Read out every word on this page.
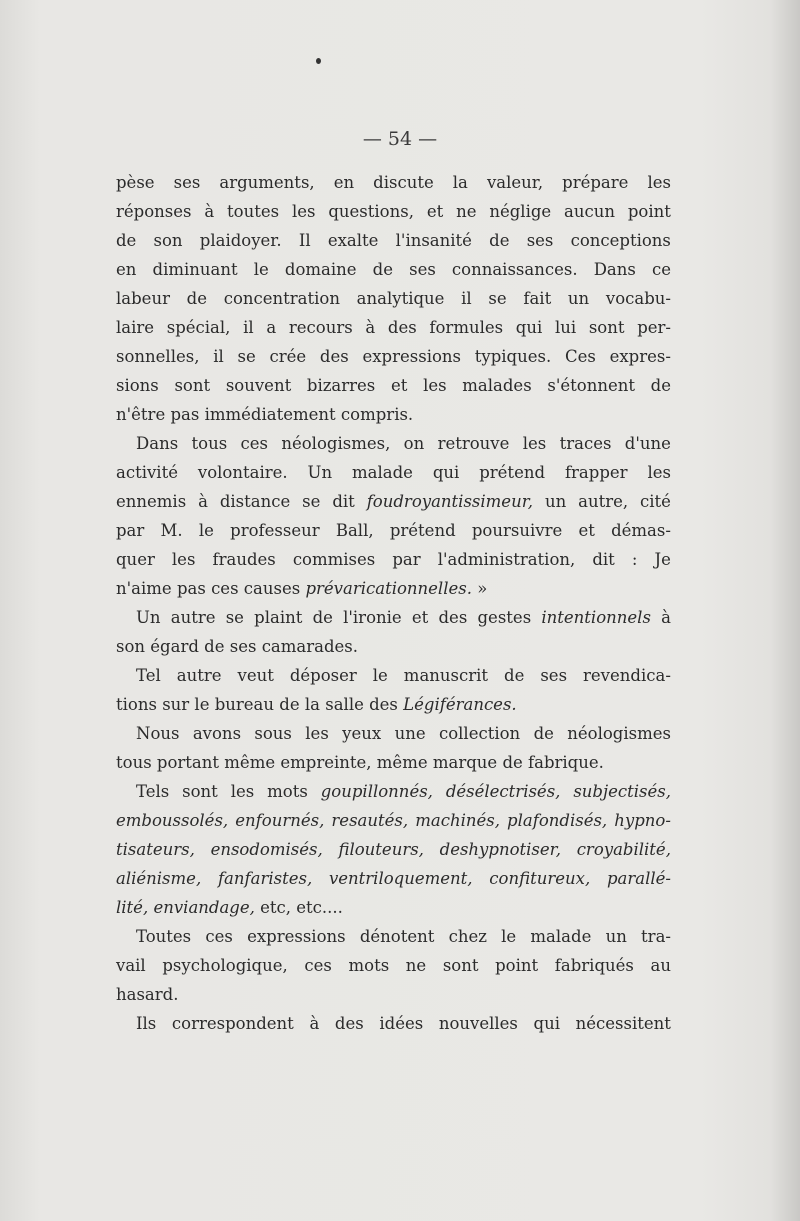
— 54 —

pèse ses arguments, en discute la valeur, prépare les
réponses à toutes les questions, et ne néglige aucun point
de son plaidoyer. Il exalte l'insanité de ses conceptions
en diminuant le domaine de ses connaissances. Dans ce
labeur de concentration analytique il se fait un vocabu-
laire spécial, il a recours à des formules qui lui sont per-
sonnelles, il se crée des expressions typiques. Ces expres-
sions sont souvent bizarres et les malades s'étonnent de
n'être
pas
immédiatement
compris.
Dans tous ces néologismes, on retrouve les traces d'une
activité volontaire. Un malade qui prétend frapper les
ennemis à distance se dit foudroyantissimeur, un autre, cité
par M. le professeur Ball, prétend poursuivre et démas-
quer les fraudes commises par l'administration, dit : Je
n'aime
pas
ces
causes
prévaricationnelles.
»
Un autre se plaint de l'ironie et des gestes intentionnels à
son
égard
de
ses
camarades.
Tel autre veut déposer le manuscrit de ses revendica-
tions
sur
le
bureau
de
la
salle
des
Légiférances.
Nous avons sous les yeux une collection de néologismes
tous
portant
même
empreinte,
même
marque
de
fabrique.
Tels sont les mots goupillonnés, désélectrisés, subjectisés,
emboussolés, enfournés, resautés, machinés, plafondisés, hypno-
tisateurs, ensodomisés, filouteurs, deshypnotiser, croyabilité,
aliénisme, fanfaristes, ventriloquement, confitureux, parallé-
lité,
enviandage,
etc,
etc....
Toutes ces expressions dénotent chez le malade un tra-
vail psychologique, ces mots ne sont point fabriqués au
hasard.
Ils correspondent à des idées nouvelles qui nécessitent
